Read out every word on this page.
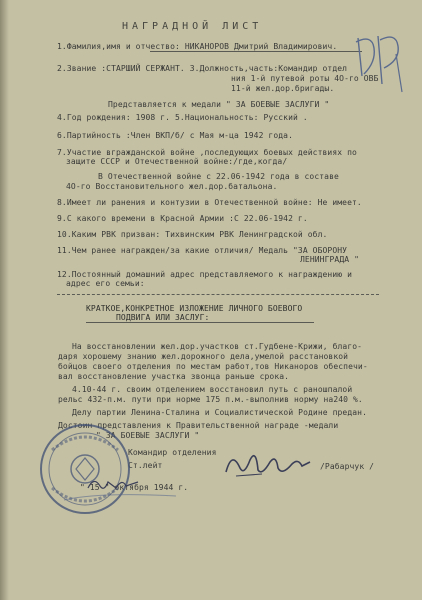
НАГРАДНОЙ ЛИСТ
1.Фамилия,имя и отчество: НИКАНОРОВ Дмитрий Владимирович.
2.Звание :СТАРШИЙ СЕРЖАНТ. 3.Должность,часть:Командир отдел
ния 1-й путевой роты 4О-го ОВБ
11-й жел.дор.бригады.
Представляется к медали " ЗА БОЕВЫЕ ЗАСЛУГИ "
4.Год рождения: 1908 г. 5.Национальность: Русский .
6.Партийность :Член ВКП/б/ с Мая м-ца 1942 года.
7.Участие вгражданской войне ,последующих боевых действиях по
защите СССР и Отечественной войне:/где,когда/
В Отечественной войне с 22.06-1942 года в составе
4О-го Восстановительного жел.дор.батальона.
8.Имеет ли ранения и контузии в Отечественной войне: Не имеет.
9.С какого времени в Красной Армии :С 22.06-1942 г.
10.Каким РВК призван: Тихвинским РВК Ленинградской обл.
11.Чем ранее награжден/за какие отличия/ Медаль "ЗА ОБОРОНУ
ЛЕНИНГРАДА "
12.Постоянный домашний адрес представляемого к награждению и
адрес его семьи:
КРАТКОЕ,КОНКРЕТНОЕ ИЗЛОЖЕНИЕ ЛИЧНОГО БОЕВОГО
ПОДВИГА ИЛИ ЗАСЛУГ:
На восстановлении жел.дор.участков ст.Гудбене-Крижи, благо-
даря хорошему знанию жел.дорожного дела,умелой расстановкой
бойцов своего отделения по местам работ,тов Никаноров обеспечи-
вал восстановление участка звонца раньше срока.
4.10-44 г. своим отделением восстановил путь с раношпалой
рельс 432-п.м. пути при норме 175 п.м.-выполнив норму на240 %.
Делу партии Ленина-Сталина и Социалистической Родине предан.
Достоин представления к Правительственной награде -медали
" ЗА БОЕВЫЕ ЗАСЛУГИ "
Командир отделения
Ст.лейт	/Рабарчук /
" 15 " октября 1944 г.
